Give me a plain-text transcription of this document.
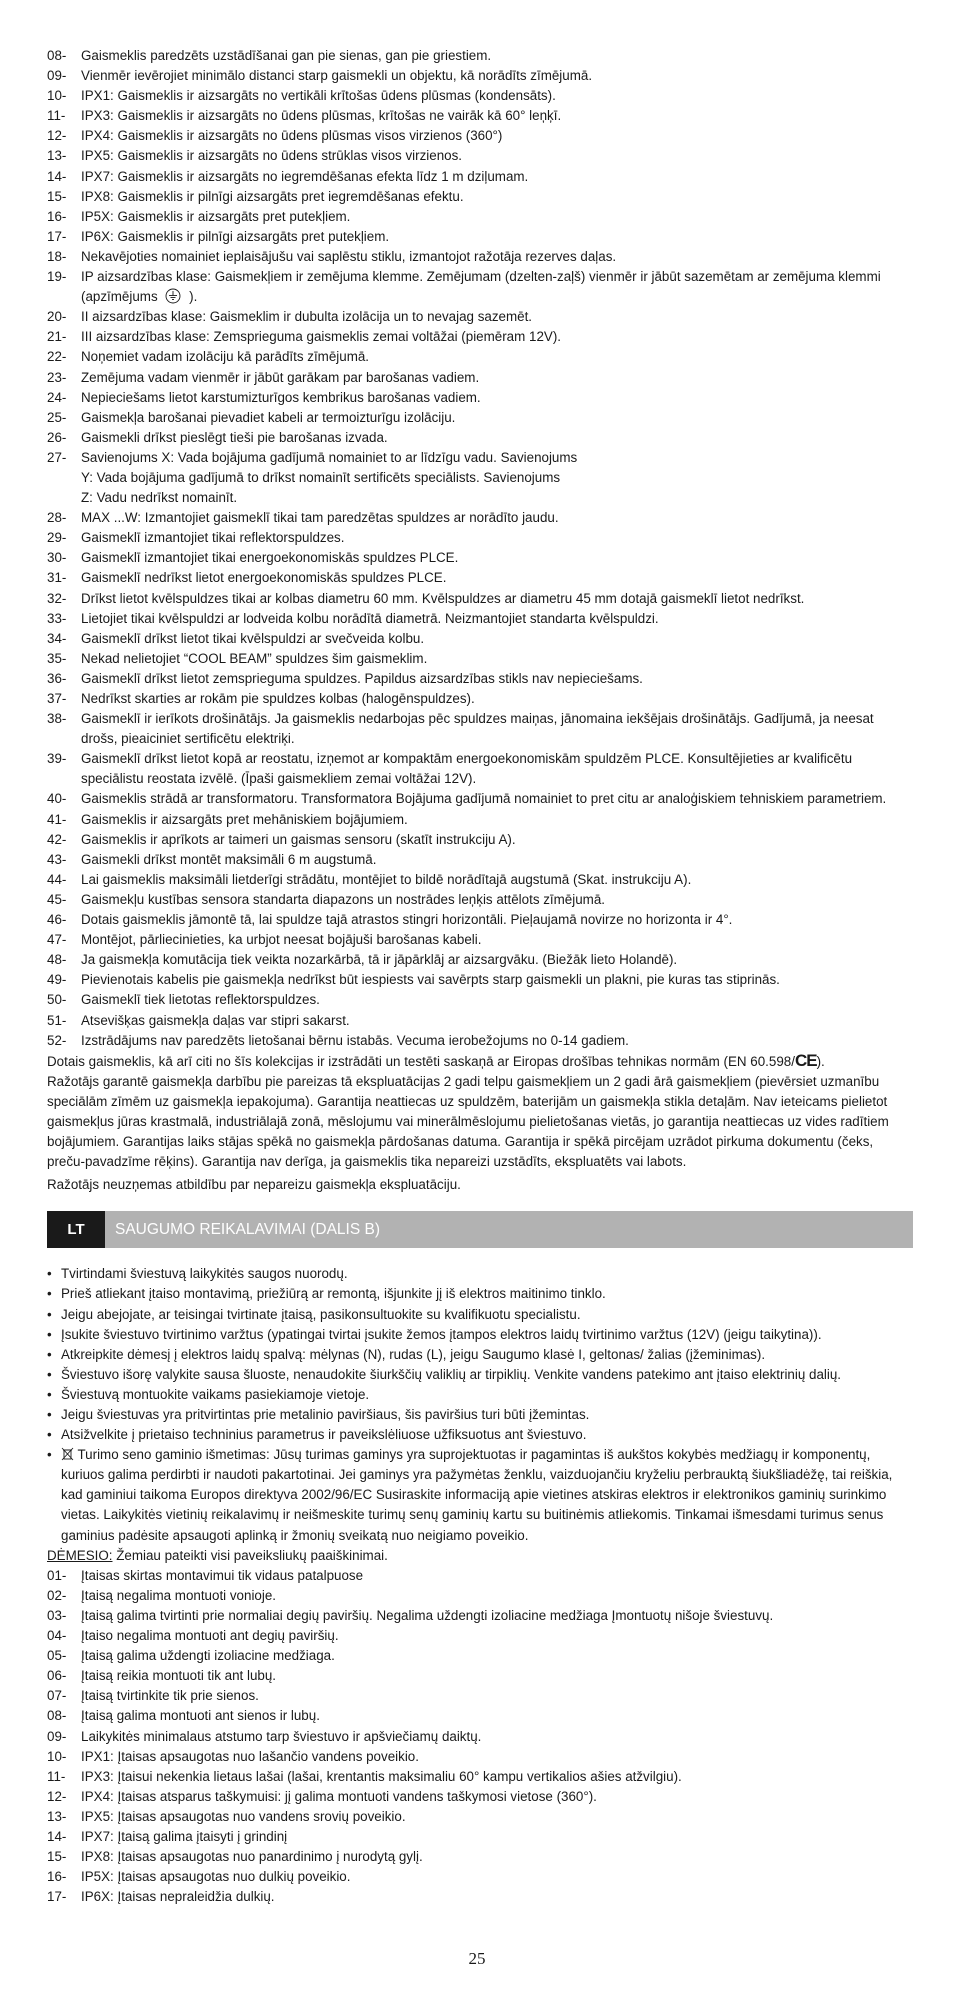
08-	Gaismeklis paredzēts uzstādīšanai gan pie sienas, gan pie griestiem.
09-	Vienmēr ievērojiet minimālo distanci starp gaismekli un objektu, kā norādīts zīmējumā.
10-	IPX1: Gaismeklis ir aizsargāts no vertikāli krītošas ūdens plūsmas (kondensāts).
11-	IPX3: Gaismeklis ir aizsargāts no ūdens plūsmas, krītošas ne vairāk kā 60° leņķī.
12-	IPX4: Gaismeklis ir aizsargāts no ūdens plūsmas visos virzienos (360°)
13-	IPX5: Gaismeklis ir aizsargāts no ūdens strūklas visos virzienos.
14-	IPX7: Gaismeklis ir aizsargāts no iegremdēšanas efekta līdz 1 m dziļumam.
15-	IPX8: Gaismeklis ir pilnīgi aizsargāts pret iegremdēšanas efektu.
16-	IP5X: Gaismeklis ir aizsargāts pret putekļiem.
17-	IP6X: Gaismeklis ir pilnīgi aizsargāts pret putekļiem.
18-	Nekavējoties nomainiet ieplaisājušu vai saplēstu stiklu, izmantojot ražotāja rezerves daļas.
19-	IP aizsardzības klase: Gaismekļiem ir zemējuma klemme. Zemējumam (dzelten-zaļš) vienmēr ir jābūt sazemētam ar zemējuma klemmi (apzīmējums ).
20-	II aizsardzības klase: Gaismeklim ir dubulta izolācija un to nevajag sazemēt.
21-	III aizsardzības klase: Zemsprieguma gaismeklis zemai voltāžai (piemēram 12V).
22-	Noņemiet vadam izolāciju kā parādīts zīmējumā.
23-	Zemējuma vadam vienmēr ir jābūt garākam par barošanas vadiem.
24-	Nepieciešams lietot karstumizturīgos kembrikus barošanas vadiem.
25-	Gaismekļa barošanai pievadiet kabeli ar termoizturīgu izolāciju.
26-	Gaismekli drīkst pieslēgt tieši pie barošanas izvada.
27-	Savienojums X: Vada bojājuma gadījumā nomainiet to ar līdzīgu vadu. Savienojums
Y: Vada bojājuma gadījumā to drīkst nomainīt sertificēts speciālists. Savienojums
Z: Vadu nedrīkst nomainīt.
28-	MAX ...W: Izmantojiet gaismeklī tikai tam paredzētas spuldzes ar norādīto jaudu.
29-	Gaismeklī izmantojiet tikai reflektorspuldzes.
30-	Gaismeklī izmantojiet tikai energoekonomiskās spuldzes PLCE.
31-	Gaismeklī nedrīkst lietot energoekonomiskās spuldzes PLCE.
32-	Drīkst lietot kvēlspuldzes tikai ar kolbas diametru 60 mm. Kvēlspuldzes ar diametru 45 mm dotajā gaismeklī lietot nedrīkst.
33-	Lietojiet tikai kvēlspuldzi ar lodveida kolbu norādītā diametrā. Neizmantojiet standarta kvēlspuldzi.
34-	Gaismeklī drīkst lietot tikai kvēlspuldzi ar svečveida kolbu.
35-	Nekad nelietojiet “COOL BEAM” spuldzes šim gaismeklim.
36-	Gaismeklī drīkst lietot zemsprieguma spuldzes. Papildus aizsardzības stikls nav nepieciešams.
37-	Nedrīkst skarties ar rokām pie spuldzes kolbas (halogēnspuldzes).
38-	Gaismeklī ir ierīkots drošinātājs. Ja gaismeklis nedarbojas pēc spuldzes maiņas, jānomaina iekšējais drošinātājs. Gadījumā, ja neesat drošs, pieaiciniet sertificētu elektriķi.
39-	Gaismeklī drīkst lietot kopā ar reostatu, izņemot ar kompaktām energoekonomiskām spuldzēm PLCE. Konsultējieties ar kvalificētu speciālistu reostata izvēlē. (Īpaši gaismekliem zemai voltāžai 12V).
40-	Gaismeklis strādā ar transformatoru. Transformatora Bojājuma gadījumā nomainiet to pret citu ar analoģiskiem tehniskiem parametriem.
41-	Gaismeklis ir aizsargāts pret mehāniskiem bojājumiem.
42-	Gaismeklis ir aprīkots ar taimeri un gaismas sensoru (skatīt instrukciju A).
43-	Gaismekli drīkst montēt maksimāli 6 m augstumā.
44-	Lai gaismeklis maksimāli lietderīgi strādātu, montējiet to bildē norādītajā augstumā (Skat. instrukciju A).
45-	Gaismekļu kustības sensora standarta diapazons un nostrādes leņķis attēlots zīmējumā.
46-	Dotais gaismeklis jāmontē tā, lai spuldze tajā atrastos stingri horizontāli. Pieļaujamā novirze no horizonta ir 4°.
47-	Montējot, pārliecinieties, ka urbjot neesat bojājuši barošanas kabeli.
48-	Ja gaismekļa komutācija tiek veikta nozarkārbā, tā ir jāpārklāj ar aizsargvāku. (Biežāk lieto Holandē).
49-	Pievienotais kabelis pie gaismekļa nedrīkst būt iespiests vai savērpts starp gaismekli un plakni, pie kuras tas stiprinās.
50-	Gaismeklī tiek lietotas reflektorspuldzes.
51-	Atsevišķas gaismekļa daļas var stipri sakarst.
52-	Izstrādājums nav paredzēts lietošanai bērnu istabās. Vecuma ierobežojums no 0-14 gadiem.
Dotais gaismeklis, kā arī citi no šīs kolekcijas ir izstrādāti un testēti saskaņā ar Eiropas drošības tehnikas normām (EN 60.598/CE).
Ražotājs garantē gaismekļa darbību pie pareizas tā ekspluatācijas 2 gadi telpu gaismekļiem un 2 gadi ārā gaismekļiem (pievērsiet uzmanību speciālām zīmēm uz gaismekļa iepakojuma). Garantija neattiecas uz spuldzēm, baterijām un gaismekļa stikla detaļām. Nav ieteicams pielietot gaismekļus jūras krastmalā, industriālajā zonā, mēslojumu vai minerālmēslojumu pielietošanas vietās, jo garantija neattiecas uz vides radītiem bojājumiem. Garantijas laiks stājas spēkā no gaismekļa pārdošanas datuma. Garantija ir spēkā pircējam uzrādot pirkuma dokumentu (čeks, preču-pavadzīme rēķins). Garantija nav derīga, ja gaismeklis tika nepareizi uzstādīts, ekspluatēts vai labots.
Ražotājs neuzņemas atbildību par nepareizu gaismekļa ekspluatāciju.
LT	SAUGUMO REIKALAVIMAI (DALIS B)
• Tvirtindami šviestuvą laikykitės saugos nuorodų.
• Prieš atliekant įtaiso montavimą, priežiūrą ar remontą, išjunkite jį iš elektros maitinimo tinklo.
• Jeigu abejojate, ar teisingai tvirtinate įtaisą, pasikonsultuokite su kvalifikuotu specialistu.
• Įsukite šviestuvo tvirtinimo varžtus (ypatingai tvirtai įsukite žemos įtampos elektros laidų tvirtinimo varžtus (12V) (jeigu taikytina)).
• Atkreipkite dėmesį į elektros laidų spalvą: mėlynas (N), rudas (L), jeigu Saugumo klasė I, geltonas/ žalias (įžeminimas).
• Šviestuvo išorę valykite sausa šluoste, nenaudokite šiurkščių valiklių ar tirpiklių. Venkite vandens patekimo ant įtaiso elektrinių dalių.
• Šviestuvą montuokite vaikams pasiekiamoje vietoje.
• Jeigu šviestuvas yra pritvirtintas prie metalinio paviršiaus, šis paviršius turi būti įžemintas.
• Atsižvelkite į prietaiso techninius parametrus ir paveikslėliuose užfiksuotus ant šviestuvo.
•	Turimo seno gaminio išmetimas: Jūsų turimas gaminys yra suprojektuotas ir pagamintas iš aukštos kokybės medžiagų ir komponentų, kuriuos galima perdirbti ir naudoti pakartotinai. Jei gaminys yra pažymėtas ženklu, vaizduojančiu kryželiu perbrauktą šiukšliadėžę, tai reiškia, kad gaminiui taikoma Europos direktyva 2002/96/EC Susiraskite informaciją apie vietines atskiras elektros ir elektronikos gaminių surinkimo vietas. Laikykitės vietinių reikalavimų ir neišmeskite turimų senų gaminių kartu su buitinėmis atliekomis. Tinkamai išmesdami turimus senus gaminius padėsite apsaugoti aplinką ir žmonių sveikatą nuo neigiamo poveikio.
DĖMESIO: Žemiau pateikti visi paveiksliukų paaiškinimai.
01-	Įtaisas skirtas montavimui tik vidaus patalpuose
02-	Įtaisą negalima montuoti vonioje.
03-	Įtaisą galima tvirtinti prie normaliai degių paviršių. Negalima uždengti izoliacine medžiaga Įmontuotų nišoje šviestuvų.
04-	Įtaiso negalima montuoti ant degių paviršių.
05-	Įtaisą galima uždengti izoliacine medžiaga.
06-	Įtaisą reikia montuoti tik ant lubų.
07-	Įtaisą tvirtinkite tik prie sienos.
08-	Įtaisą galima montuoti ant sienos ir lubų.
09-	Laikykitės minimalaus atstumo tarp šviestuvo ir apšviečiamų daiktų.
10-	IPX1: Įtaisas apsaugotas nuo lašančio vandens poveikio.
11-	IPX3: Įtaisui nekenkia lietaus lašai (lašai, krentantis maksimaliu 60° kampu vertikalios ašies atžvilgiu).
12-	IPX4: Įtaisas atsparus taškymuisi: jį galima montuoti vandens taškymosi vietose (360°).
13-	IPX5: Įtaisas apsaugotas nuo vandens srovių poveikio.
14-	IPX7: Įtaisą galima įtaisyti į grindinį
15-	IPX8: Įtaisas apsaugotas nuo panardinimo į nurodytą gylį.
16-	IP5X: Įtaisas apsaugotas nuo dulkių poveikio.
17-	IP6X: Įtaisas nepraleidžia dulkių.
25
